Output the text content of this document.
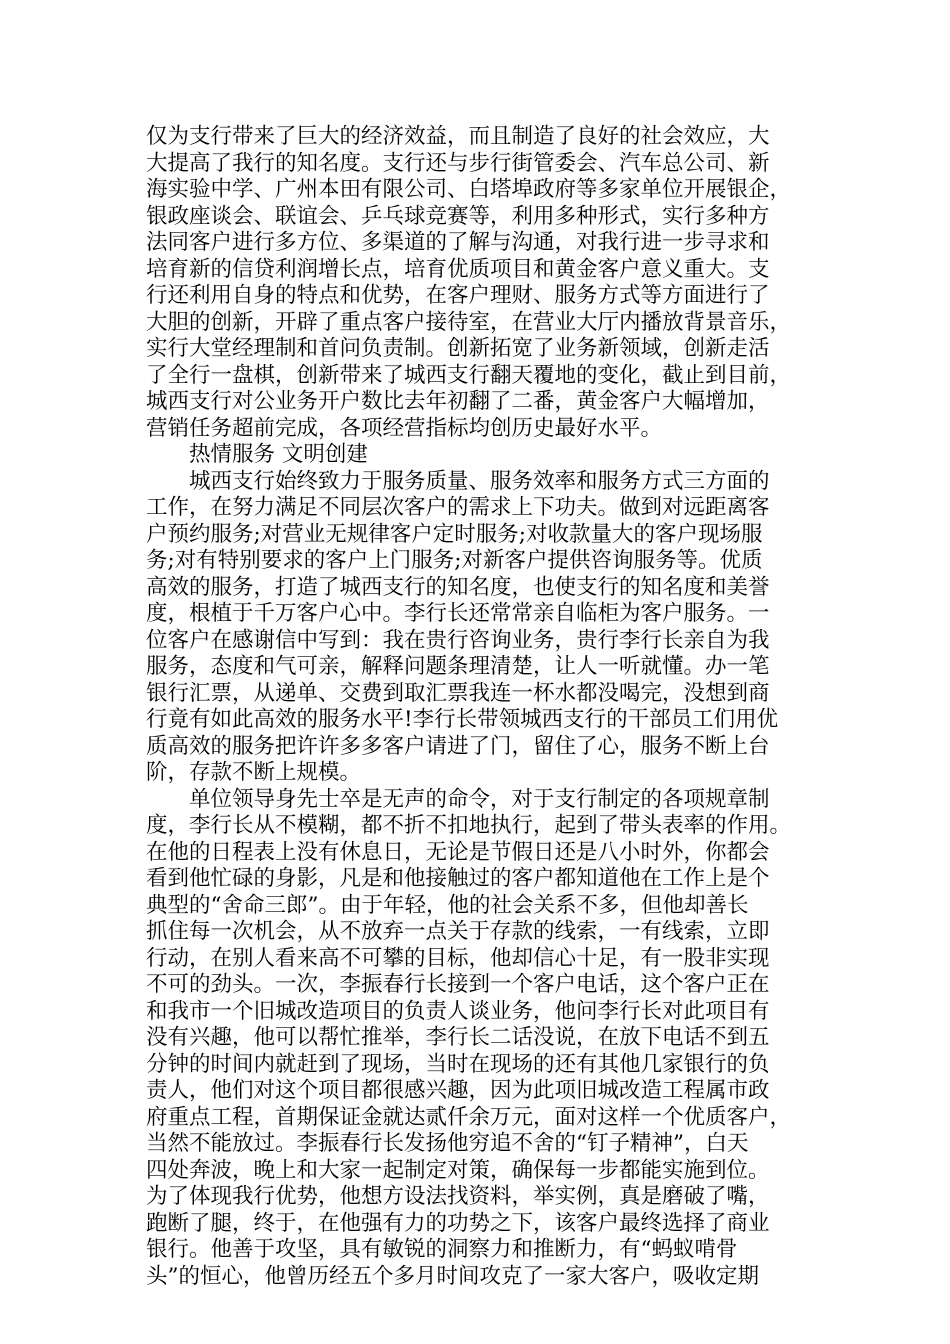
仅为支行带来了巨大的经济效益，而且制造了良好的社会效应，大
大提高了我行的知名度。支行还与步行街管委会、汽车总公司、新
海实验中学、广州本田有限公司、白塔埠政府等多家单位开展银企，
银政座谈会、联谊会、乒乓球竞赛等，利用多种形式，实行多种方
法同客户进行多方位、多渠道的了解与沟通，对我行进一步寻求和
培育新的信贷利润增长点，培育优质项目和黄金客户意义重大。支
行还利用自身的特点和优势，在客户理财、服务方式等方面进行了
大胆的创新，开辟了重点客户接待室，在营业大厅内播放背景音乐，
实行大堂经理制和首问负责制。创新拓宽了业务新领域，创新走活
了全行一盘棋，创新带来了城西支行翻天覆地的变化，截止到目前，
城西支行对公业务开户数比去年初翻了二番，黄金客户大幅增加，
营销任务超前完成，各项经营指标均创历史最好水平。
热情服务 文明创建
城西支行始终致力于服务质量、服务效率和服务方式三方面的
工作，在努力满足不同层次客户的需求上下功夫。做到对远距离客
户预约服务;对营业无规律客户定时服务;对收款量大的客户现场服
务;对有特别要求的客户上门服务;对新客户提供咨询服务等。优质
高效的服务，打造了城西支行的知名度，也使支行的知名度和美誉
度，根植于千万客户心中。李行长还常常亲自临柜为客户服务。一
位客户在感谢信中写到：我在贵行咨询业务，贵行李行长亲自为我
服务，态度和气可亲，解释问题条理清楚，让人一听就懂。办一笔
银行汇票，从递单、交费到取汇票我连一杯水都没喝完，没想到商
行竟有如此高效的服务水平!李行长带领城西支行的干部员工们用优
质高效的服务把许许多多客户请进了门，留住了心，服务不断上台
阶，存款不断上规模。
单位领导身先士卒是无声的命令，对于支行制定的各项规章制
度，李行长从不模糊，都不折不扣地执行，起到了带头表率的作用。
在他的日程表上没有休息日，无论是节假日还是八小时外，你都会
看到他忙碌的身影，凡是和他接触过的客户都知道他在工作上是个
典型的“舍命三郎”。由于年轻，他的社会关系不多，但他却善长
抓住每一次机会，从不放弃一点关于存款的线索，一有线索，立即
行动，在别人看来高不可攀的目标，他却信心十足，有一股非实现
不可的劲头。一次，李振春行长接到一个客户电话，这个客户正在
和我市一个旧城改造项目的负责人谈业务，他问李行长对此项目有
没有兴趣，他可以帮忙推举，李行长二话没说，在放下电话不到五
分钟的时间内就赶到了现场，当时在现场的还有其他几家银行的负
责人，他们对这个项目都很感兴趣，因为此项旧城改造工程属市政
府重点工程，首期保证金就达贰仟余万元，面对这样一个优质客户，
当然不能放过。李振春行长发扬他穷追不舍的“钉子精神”，白天
四处奔波，晚上和大家一起制定对策，确保每一步都能实施到位。
为了体现我行优势，他想方设法找资料，举实例，真是磨破了嘴，
跑断了腿，终于，在他强有力的功势之下，该客户最终选择了商业
银行。他善于攻坚，具有敏锐的洞察力和推断力，有“蚂蚁啃骨
头”的恒心，他曾历经五个多月时间攻克了一家大客户，吸收定期
